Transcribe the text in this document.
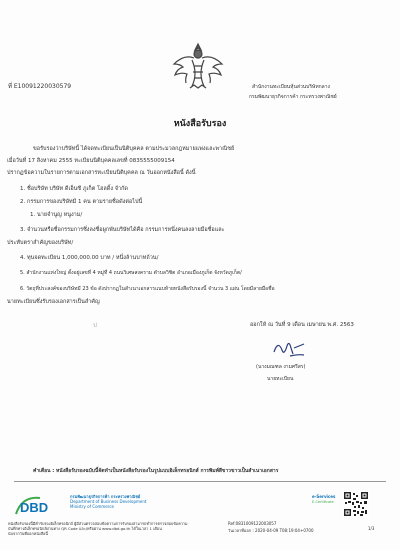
ที่ E10091220030579	สำนักงานทะเบียนหุ้นส่วนบริษัทกลาง
กรมพัฒนาธุรกิจการค้า กระทรวงพาณิชย์
หนังสือรับรอง
ขอรับรองว่าบริษัทนี้ ได้จดทะเบียนเป็นนิติบุคคล ตามประมวลกฎหมายแพ่งและพาณิชย์
เมื่อวันที่ 17 สิงหาคม 2555 ทะเบียนนิติบุคคลเลขที่ 0835555009154
ปรากฏข้อความในรายการตามเอกสารทะเบียนนิติบุคคล ณ วันออกหนังสือนี้ ดังนี้
1. ชื่อบริษัท บริษัท ดีเอ็นซี ภูเก็ต โฮลดิ้ง จำกัด
2. กรรมการของบริษัทมี 1 คน ตามรายชื่อดังต่อไปนี้
1. นายจำนูญ หนูงาม/
3. จำนวนหรือชื่อกรรมการซึ่งลงชื่อผูกพันบริษัทได้คือ กรรมการหนึ่งคนลงลายมือชื่อและ
ประทับตราสำคัญของบริษัท/
4. ทุนจดทะเบียน 1,000,000.00 บาท / หนึ่งล้านบาทถ้วน/
5. สำนักงานแห่งใหญ่ ตั้งอยู่เลขที่ 4 หมู่ที่ 4 ถนนวิเศษสงคราม ตำบลวิชิต อำเภอเมืองภูเก็ต จังหวัดภูเก็ต/
6. วัตถุที่ประสงค์ของบริษัทมี 23 ข้อ ดังปรากฏในสำเนาเอกสารแนบท้ายหนังสือรับรองนี้ จำนวน 3 แผ่น โดยมีลายมือชื่อ
นายทะเบียนซึ่งรับรองเอกสารเป็นสำคัญ
ป	ออกให้ ณ วันที่ 9 เดือน เมษายน พ.ศ. 2563
(นางมณฑล งามศรีสร)
นายทะเบียน
คำเตือน : หนังสือรับรองฉบับนี้จัดทำเป็นหนังสือรับรองในรูปแบบอิเล็กทรอนิกส์ การพิมพ์สีขาวขาวเป็นสำเนาเอกสาร
DBD
กรมพัฒนาธุรกิจการค้า กระทรวงพาณิชย์
Department of Business Development
Ministry of Commerce
หนังสือรับรองนี้มีคำรับรองอิเล็กทรอนิกส์ ผู้มีส่วนตรวจสอบข้อความการรับรองสามารถทำการตรวจสอบข้อความ
บันทึกทางอิเล็กทรอนิกส์ผ่านทาง QR Code และ/หรือผ่าน www.dbd.go.th ได้ในเวลา 1 เดือน
นับจากวันที่ออกหนังสือนี้
Ref:0831009122003057
วันเวลาที่ออก : 2020-04-09 T08:19:04+0700	1/3
e-Services
E-Certificate
